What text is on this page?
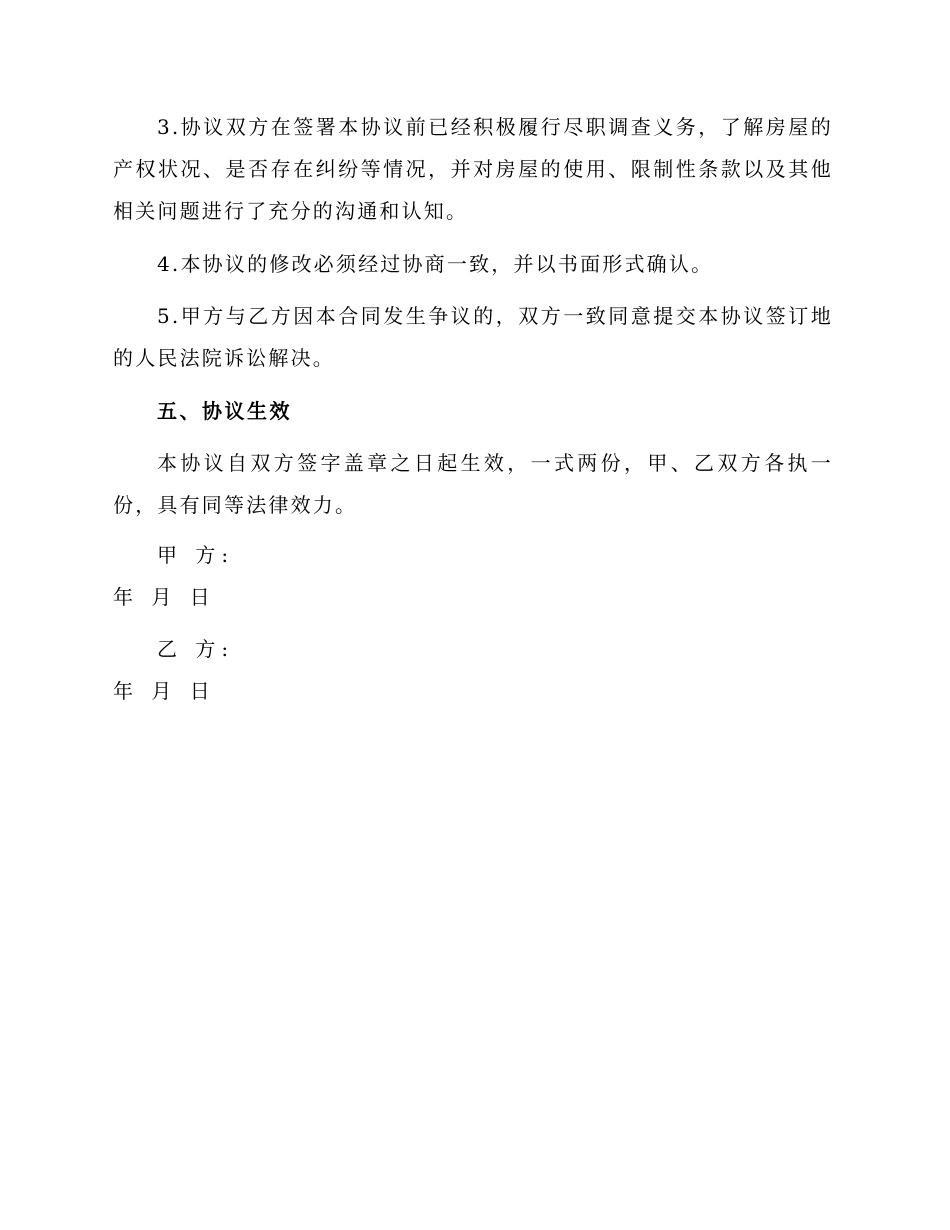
3.协议双方在签署本协议前已经积极履行尽职调查义务，了解房屋的产权状况、是否存在纠纷等情况，并对房屋的使用、限制性条款以及其他相关问题进行了充分的沟通和认知。

4.本协议的修改必须经过协商一致，并以书面形式确认。

5.甲方与乙方因本合同发生争议的，双方一致同意提交本协议签订地的人民法院诉讼解决。

五、协议生效

本协议自双方签字盖章之日起生效，一式两份，甲、乙双方各执一份，具有同等法律效力。

甲 方:

年 月 日

乙 方:

年 月 日
